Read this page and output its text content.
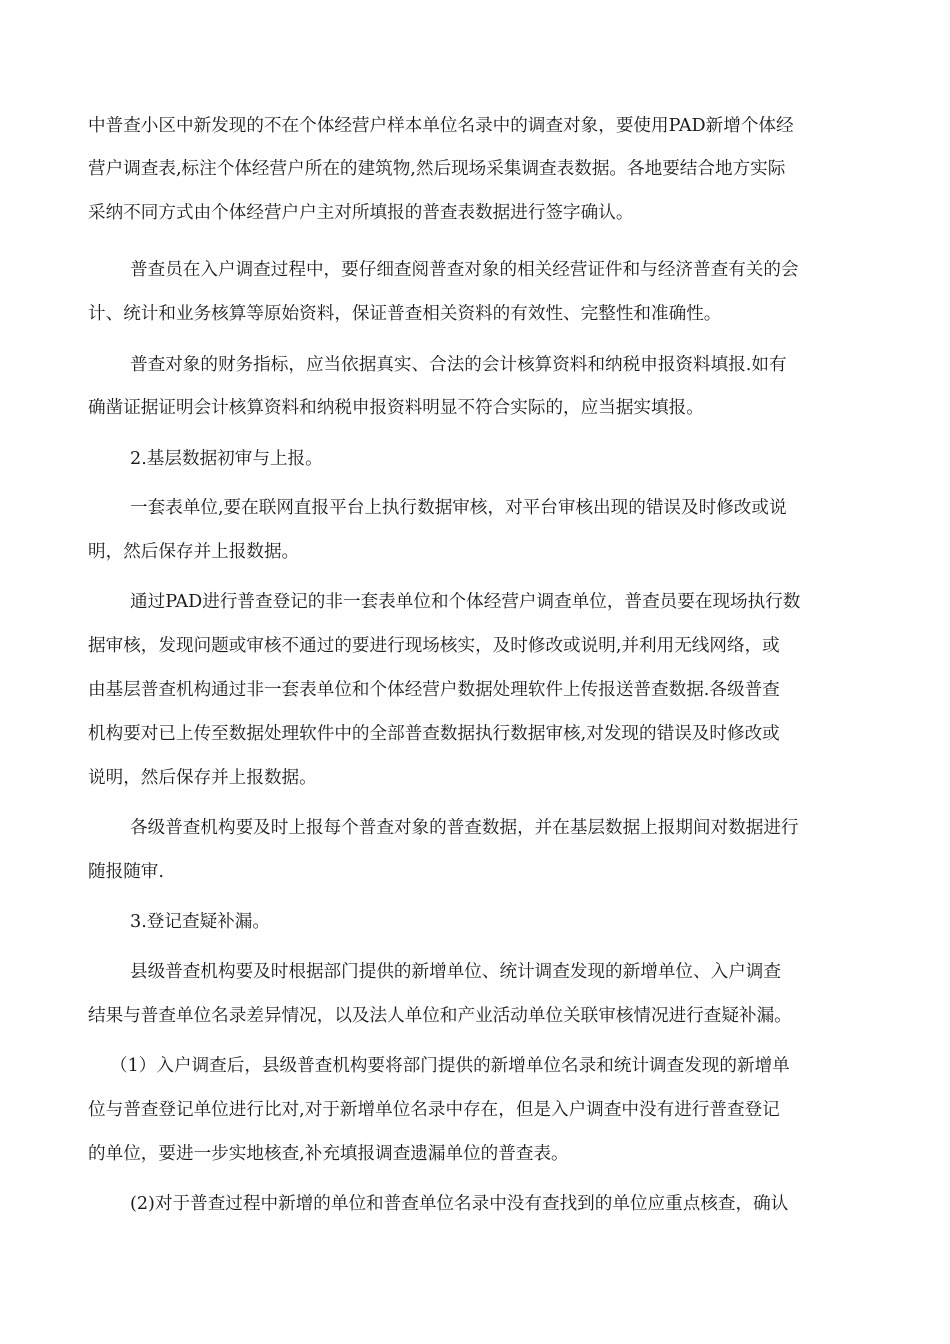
中普查小区中新发现的不在个体经营户样本单位名录中的调查对象，要使用PAD新增个体经
营户调查表,标注个体经营户所在的建筑物,然后现场采集调查表数据。各地要结合地方实际
采纳不同方式由个体经营户户主对所填报的普查表数据进行签字确认。
普查员在入户调查过程中，要仔细查阅普查对象的相关经营证件和与经济普查有关的会
计、统计和业务核算等原始资料，保证普查相关资料的有效性、完整性和准确性。
普查对象的财务指标，应当依据真实、合法的会计核算资料和纳税申报资料填报.如有
确凿证据证明会计核算资料和纳税申报资料明显不符合实际的，应当据实填报。
2.基层数据初审与上报。
一套表单位,要在联网直报平台上执行数据审核，对平台审核出现的错误及时修改或说
明，然后保存并上报数据。
通过PAD进行普查登记的非一套表单位和个体经营户调查单位，普查员要在现场执行数
据审核，发现问题或审核不通过的要进行现场核实，及时修改或说明,并利用无线网络，或
由基层普查机构通过非一套表单位和个体经营户数据处理软件上传报送普查数据.各级普查
机构要对已上传至数据处理软件中的全部普查数据执行数据审核,对发现的错误及时修改或
说明，然后保存并上报数据。
各级普查机构要及时上报每个普查对象的普查数据，并在基层数据上报期间对数据进行
随报随审.
3.登记查疑补漏。
县级普查机构要及时根据部门提供的新增单位、统计调查发现的新增单位、入户调查
结果与普查单位名录差异情况，以及法人单位和产业活动单位关联审核情况进行查疑补漏。
（1）入户调查后，县级普查机构要将部门提供的新增单位名录和统计调查发现的新增单
位与普查登记单位进行比对,对于新增单位名录中存在，但是入户调查中没有进行普查登记
的单位，要进一步实地核查,补充填报调查遗漏单位的普查表。
(2)对于普查过程中新增的单位和普查单位名录中没有查找到的单位应重点核查，确认
